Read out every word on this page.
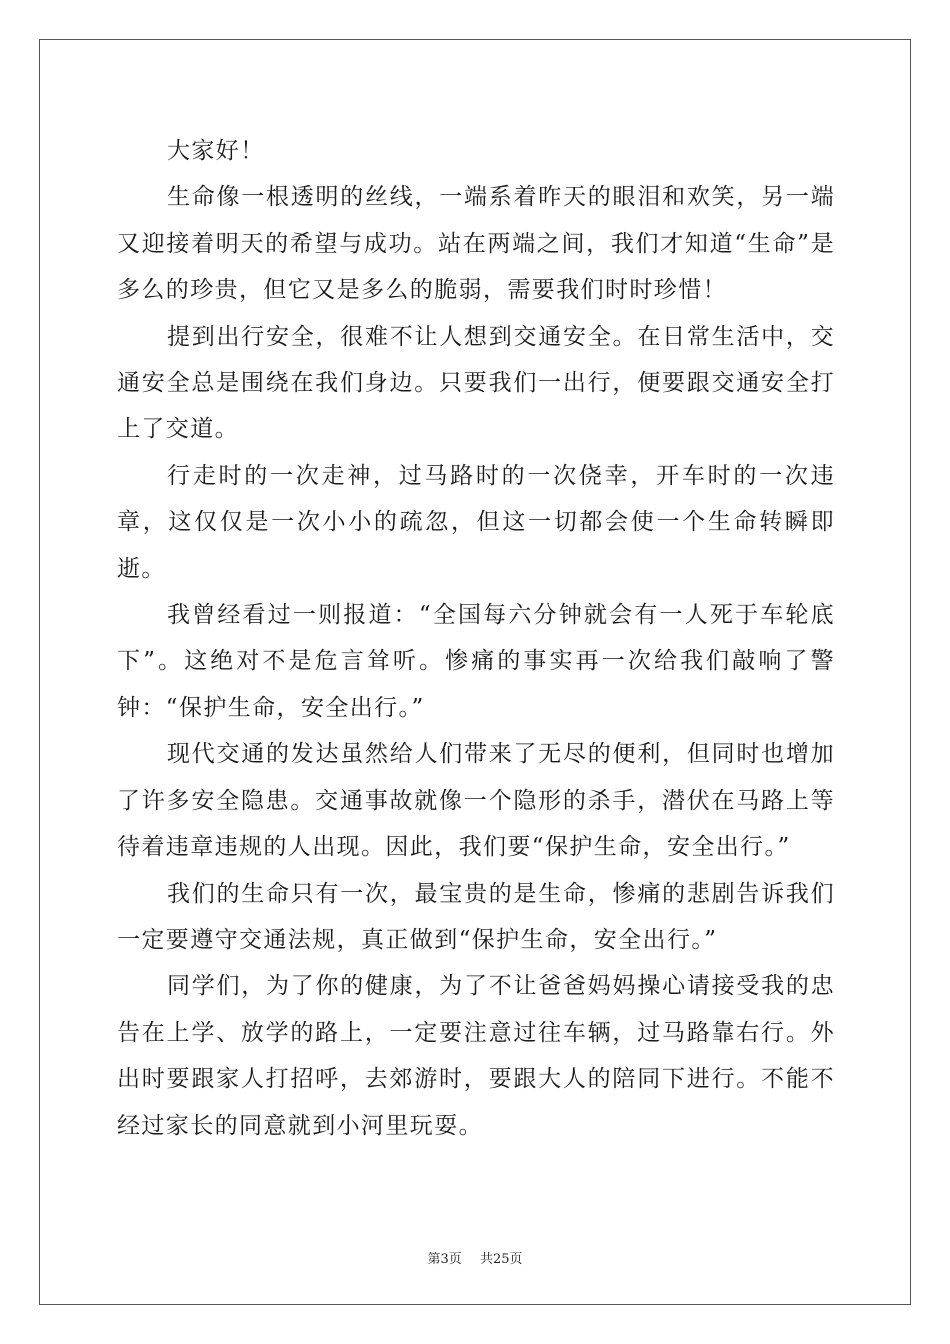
大家好！

生命像一根透明的丝线，一端系着昨天的眼泪和欢笑，另一端又迎接着明天的希望与成功。站在两端之间，我们才知道“生命”是多么的珍贵，但它又是多么的脆弱，需要我们时时珍惜！

提到出行安全，很难不让人想到交通安全。在日常生活中，交通安全总是围绕在我们身边。只要我们一出行，便要跟交通安全打上了交道。

行走时的一次走神，过马路时的一次侥幸，开车时的一次违章，这仅仅是一次小小的疏忽，但这一切都会使一个生命转瞬即逝。

我曾经看过一则报道：“全国每六分钟就会有一人死于车轮底下”。这绝对不是危言耸听。惨痛的事实再一次给我们敲响了警钟：“保护生命，安全出行。”

现代交通的发达虽然给人们带来了无尽的便利，但同时也增加了许多安全隐患。交通事故就像一个隐形的杀手，潜伏在马路上等待着违章违规的人出现。因此，我们要“保护生命，安全出行。”

我们的生命只有一次，最宝贵的是生命，惨痛的悲剧告诉我们一定要遵守交通法规，真正做到“保护生命，安全出行。”

同学们，为了你的健康，为了不让爸爸妈妈操心请接受我的忠告在上学、放学的路上，一定要注意过往车辆，过马路靠右行。外出时要跟家人打招呼，去郊游时，要跟大人的陪同下进行。不能不经过家长的同意就到小河里玩耍。

第3页 共25页
